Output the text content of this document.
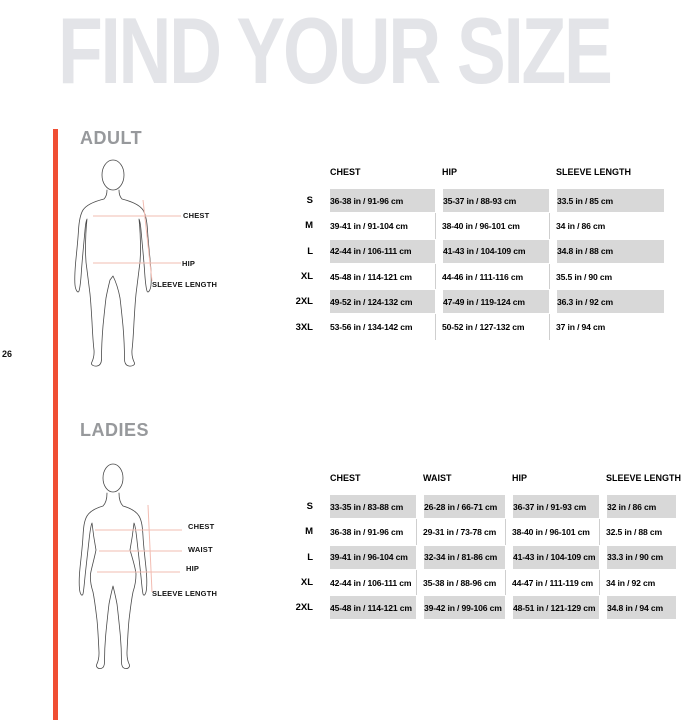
FIND YOUR SIZE
26
ADULT
CHEST
HIP
SLEEVE LENGTH
CHEST	HIP	SLEEVE LENGTH
S	36-38 in / 91-96 cm	35-37 in / 88-93 cm	33.5 in / 85 cm
M	39-41 in / 91-104 cm	38-40 in / 96-101 cm	34 in / 86 cm
L	42-44 in / 106-111 cm	41-43 in / 104-109 cm	34.8 in / 88 cm
XL	45-48 in / 114-121 cm	44-46 in / 111-116 cm	35.5 in / 90 cm
2XL	49-52 in / 124-132 cm	47-49 in / 119-124 cm	36.3 in / 92 cm
3XL	53-56 in / 134-142 cm	50-52 in / 127-132 cm	37 in / 94 cm
LADIES
CHEST
WAIST
HIP
SLEEVE LENGTH
CHEST	WAIST	HIP	SLEEVE LENGTH
S	33-35 in / 83-88 cm	26-28 in / 66-71 cm	36-37 in / 91-93 cm	32 in / 86 cm
M	36-38 in / 91-96 cm	29-31 in / 73-78 cm	38-40 in / 96-101 cm	32.5 in / 88 cm
L	39-41 in / 96-104 cm	32-34 in / 81-86 cm	41-43 in / 104-109 cm	33.3 in / 90 cm
XL	42-44 in / 106-111 cm	35-38 in / 88-96 cm	44-47 in / 111-119 cm	34 in / 92 cm
2XL	45-48 in / 114-121 cm	39-42 in / 99-106 cm	48-51 in / 121-129 cm	34.8 in / 94 cm
